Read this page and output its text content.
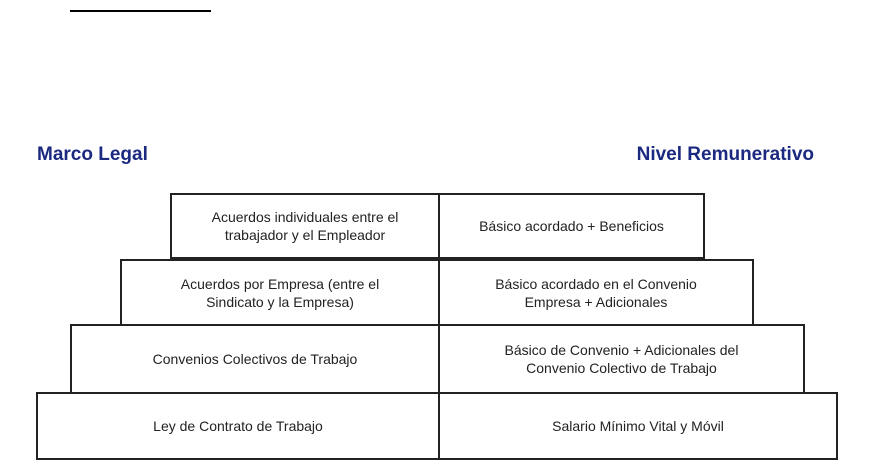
Marco Legal	Nivel Remunerativo
Acuerdos individuales entre el
trabajador y el Empleador
Básico acordado + Beneficios
Acuerdos por Empresa (entre el
Sindicato y la Empresa)
Básico acordado en el Convenio
Empresa + Adicionales
Convenios Colectivos de Trabajo
Básico de Convenio + Adicionales del
Convenio Colectivo de Trabajo
Ley de Contrato de Trabajo	Salario Mínimo Vital y Móvil
